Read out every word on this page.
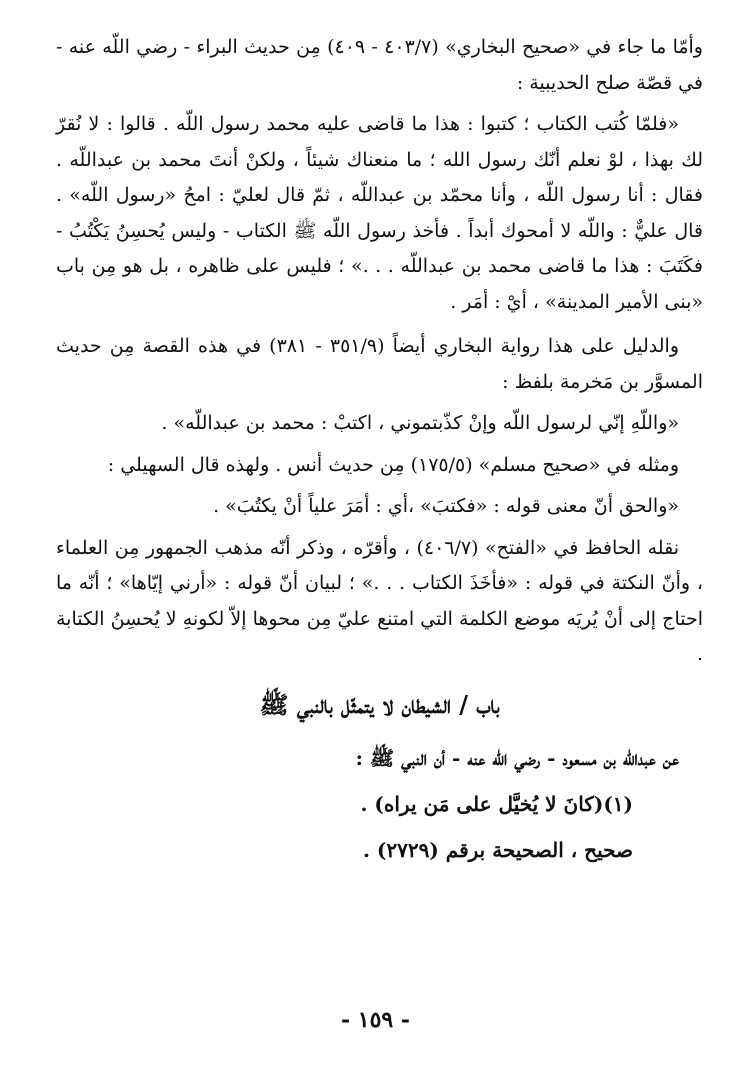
وأمّا ما جاء في «صحيح البخاري» (٤٠٣/٧ - ٤٠٩) مِن حديث البراء - رضي اللّه عنه - في قصّة صلح الحديبية :

«فلمّا كُتب الكتاب ؛ كتبوا : هذا ما قاضى عليه محمد رسول اللّه . قالوا : لا نُقرّ لك بهذا ، لوْ نعلم أنّك رسول الله ؛ ما منعناك شيئاً ، ولكنْ أنتَ محمد بن عبداللّه . فقال : أنا رسول اللّه ، وأنا محمّد بن عبداللّه ، ثمّ قال لعليّ : امحُ «رسول اللّه» . قال عليٌّ : واللّه لا أمحوك أبداً . فأخذ رسول اللّه ﷺ الكتاب - وليس يُحسِنُ يَكْتُبُ - فكَتَبَ : هذا ما قاضى محمد بن عبداللّه . . .» ؛ فليس على ظاهره ، بل هو مِن باب «بنى الأمير المدينة» ، أيْ : أمَر .

والدليل على هذا رواية البخاري أيضاً (٣٥١/٩ - ٣٨١) في هذه القصة مِن حديث المسوَّر بن مَخرمة بلفظ :

«واللّهِ إنّي لرسول اللّه وإنْ كذّبتموني ، اكتبْ : محمد بن عبداللّه» .

ومثله في «صحيح مسلم» (١٧٥/٥) مِن حديث أنس . ولهذه قال السهيلي :

«والحق أنّ معنى قوله : «فكتبَ» ،أي : أمَرَ علياً أنْ يكتُبَ» .

نقله الحافظ في «الفتح» (٤٠٦/٧) ، وأقرّه ، وذكر أنّه مذهب الجمهور مِن العلماء ، وأنّ النكتة في قوله : «فأخَذَ الكتاب . . .» ؛ لبيان أنّ قوله : «أرني إيّاها» ؛ أنّه ما احتاج إلى أنْ يُريَه موضع الكلمة التي امتنع عليّ مِن محوها إلاّ لكونهِ لا يُحسِنُ الكتابة .

باب / الشيطان لا يتمثّل بالنبي ﷺ

عن عبداللّه بن مسعود - رضي الله عنه - أن النبي ﷺ :

(١)(كانَ لا يُخيَّل على مَن يراه) .

صحيح ، الصحيحة برقم (٢٧٢٩) .

- ١٥٩ -
